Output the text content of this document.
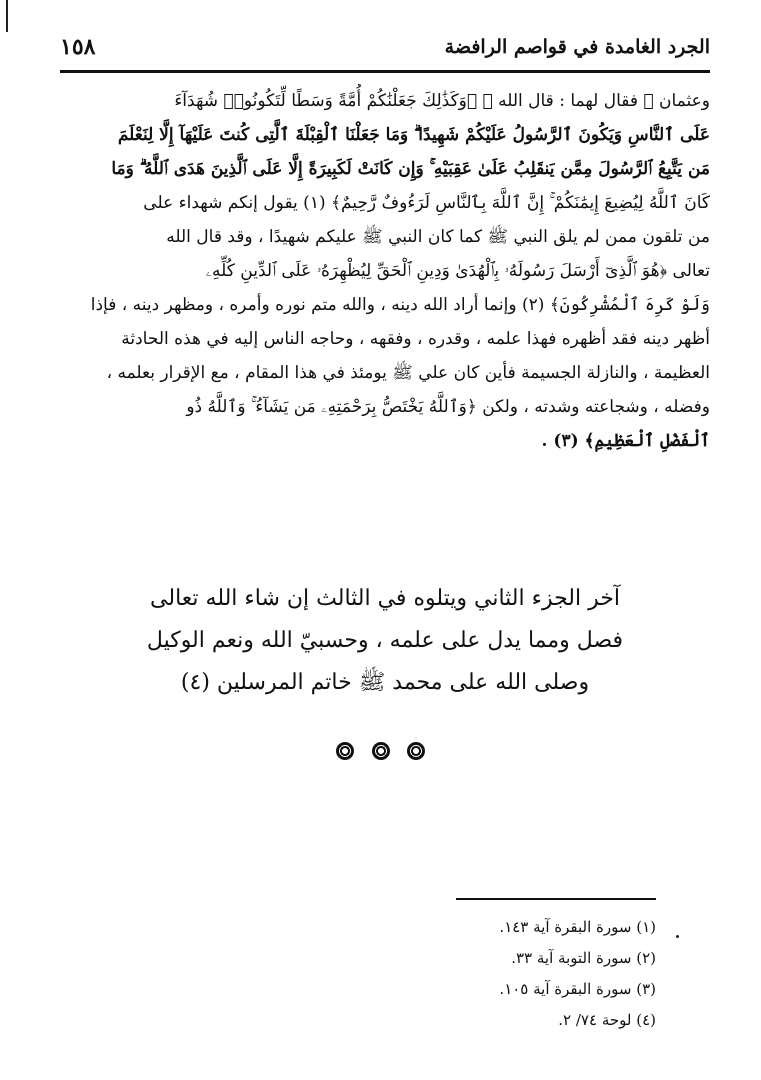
الجرد الغامدة في قواصم الرافضة
١٥٨
وعثمان ﷺ فقال لهما : قال الله ﷻ ﴿وَكَذَٰلِكَ جَعَلْنَٰكُمْ أُمَّةً وَسَطًا لِّتَكُونُوا۟ شُهَدَآءَ
عَلَى ٱلنَّاسِ وَيَكُونَ ٱلرَّسُولُ عَلَيْكُمْ شَهِيدًا ۗ وَمَا جَعَلْنَا ٱلْقِبْلَةَ ٱلَّتِى كُنتَ عَلَيْهَآ إِلَّا لِنَعْلَمَ
مَن يَتَّبِعُ ٱلرَّسُولَ مِمَّن يَنقَلِبُ عَلَىٰ عَقِبَيْهِ ۚ وَإِن كَانَتْ لَكَبِيرَةً إِلَّا عَلَى ٱلَّذِينَ هَدَى ٱللَّهُ ۗ وَمَا
كَانَ ٱللَّهُ لِيُضِيعَ إِيمَٰنَكُمْ ۚ إِنَّ ٱللَّهَ بِٱلنَّاسِ لَرَءُوفٌ رَّحِيمٌ﴾ (١) يقول إنكم شهداء على
من تلقون ممن لم يلق النبي ﷺ كما كان النبي ﷺ عليكم شهيدًا ، وقد قال الله
تعالى ﴿هُوَ ٱلَّذِىٓ أَرْسَلَ رَسُولَهُۥ بِٱلْهُدَىٰ وَدِينِ ٱلْحَقِّ لِيُظْهِرَهُۥ عَلَى ٱلدِّينِ كُلِّهِۦ
وَلَوْ كَرِهَ ٱلْمُشْرِكُونَ﴾ (٢) وإنما أراد الله دينه ، والله متم نوره وأمره ، ومظهر دينه ، فإذا
أظهر دينه فقد أظهره فهذا علمه ، وقدره ، وفقهه ، وحاجه الناس إليه في هذه الحادثة
العظيمة ، والنازلة الجسيمة فأين كان علي ﷺ يومئذ في هذا المقام ، مع الإقرار بعلمه ،
وفضله ، وشجاعته وشدته ، ولكن ﴿وَٱللَّهُ يَخْتَصُّ بِرَحْمَتِهِۦ مَن يَشَآءُ ۚ وَٱللَّهُ ذُو
ٱلْفَضْلِ ٱلْعَظِيمِ﴾ (٣) .
آخر الجزء الثاني ويتلوه في الثالث إن شاء الله تعالى
فصل ومما يدل على علمه ، وحسبيّ الله ونعم الوكيل
وصلى الله على محمد ﷺ خاتم المرسلين (٤)

(١) سورة البقرة آية ١٤٣.
(٢) سورة التوبة آية ٣٣.
(٣) سورة البقرة آية ١٠٥.
(٤) لوحة ٧٤/ ٢.
